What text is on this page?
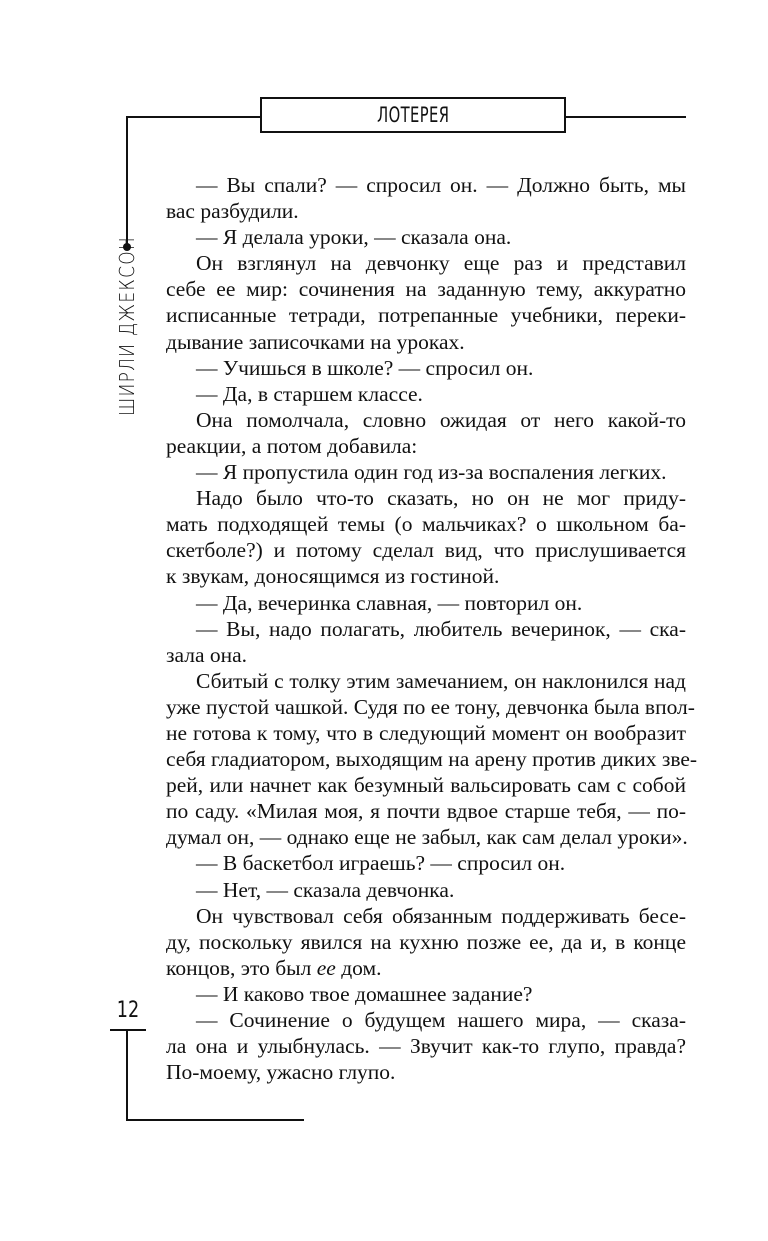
ЛОТЕРЕЯ
ШИРЛИ ДЖЕКСОН
12
— Вы спали? — спросил он. — Должно быть, мы
вас разбудили.
— Я делала уроки, — сказала она.
Он взглянул на девчонку еще раз и представил
себе ее мир: сочинения на заданную тему, аккуратно
исписанные тетради, потрепанные учебники, переки-
дывание записочками на уроках.
— Учишься в школе? — спросил он.
— Да, в старшем классе.
Она помолчала, словно ожидая от него какой-то
реакции, а потом добавила:
— Я пропустила один год из-за воспаления легких.
Надо было что-то сказать, но он не мог приду-
мать подходящей темы (о мальчиках? о школьном ба-
скетболе?) и потому сделал вид, что прислушивается
к звукам, доносящимся из гостиной.
— Да, вечеринка славная, — повторил он.
— Вы, надо полагать, любитель вечеринок, — ска-
зала она.
Сбитый с толку этим замечанием, он наклонился над
уже пустой чашкой. Судя по ее тону, девчонка была впол-
не готова к тому, что в следующий момент он вообразит
себя гладиатором, выходящим на арену против диких зве-
рей, или начнет как безумный вальсировать сам с собой
по саду. «Милая моя, я почти вдвое старше тебя, — по-
думал он, — однако еще не забыл, как сам делал уроки».
— В баскетбол играешь? — спросил он.
— Нет, — сказала девчонка.
Он чувствовал себя обязанным поддерживать бесе-
ду, поскольку явился на кухню позже ее, да и, в конце
концов, это был ее дом.
— И каково твое домашнее задание?
— Сочинение о будущем нашего мира, — сказа-
ла она и улыбнулась. — Звучит как-то глупо, правда?
По-моему, ужасно глупо.
